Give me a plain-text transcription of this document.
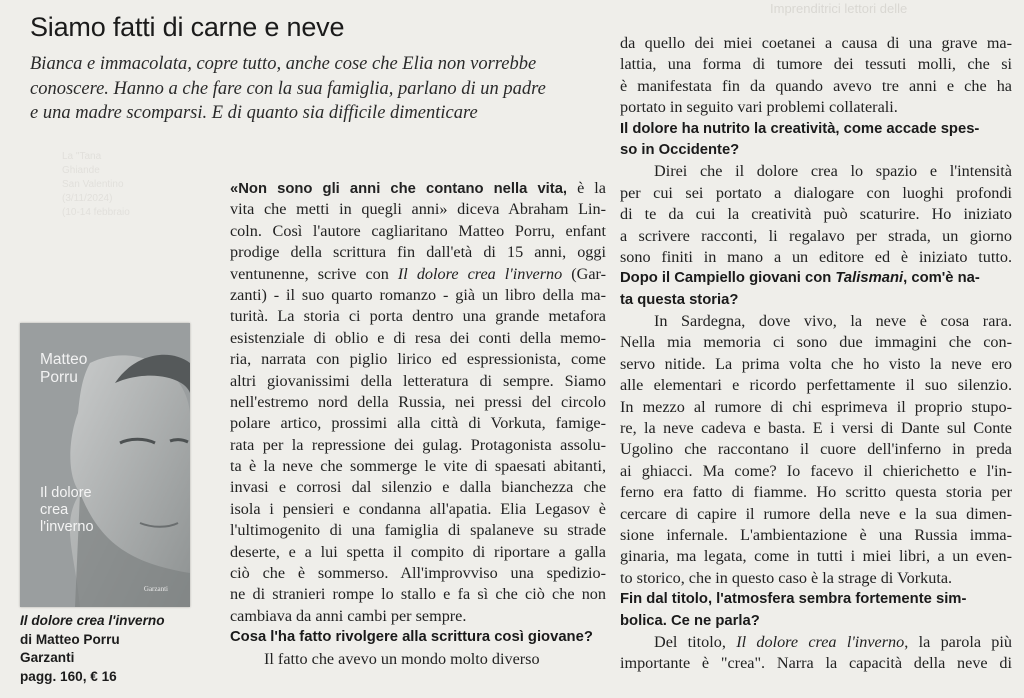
Imprenditrici lettori delle
La "Tana
Ghiande
San Valentino
(3/11/2024)
(10-14 febbraio
Siamo fatti di carne e neve
Bianca e immacolata, copre tutto, anche cose che Elia non vorrebbe
conoscere. Hanno a che fare con la sua famiglia, parlano di un padre
e una madre scomparsi. E di quanto sia difficile dimenticare
Matteo
Porru
Il dolore
crea
l'inverno
Garzanti
Il dolore crea l'inverno
di Matteo Porru
Garzanti
pagg. 160, € 16
«Non sono gli anni che contano nella vita, è la
vita che metti in quegli anni» diceva Abraham Lin-
coln. Così l'autore cagliaritano Matteo Porru, enfant
prodige della scrittura fin dall'età di 15 anni, oggi
ventunenne, scrive con Il dolore crea l'inverno (Gar-
zanti) - il suo quarto romanzo - già un libro della ma-
turità. La storia ci porta dentro una grande metafora
esistenziale di oblio e di resa dei conti della memo-
ria, narrata con piglio lirico ed espressionista, come
altri giovanissimi della letteratura di sempre. Siamo
nell'estremo nord della Russia, nei pressi del circolo
polare artico, prossimi alla città di Vorkuta, famige-
rata per la repressione dei gulag. Protagonista assolu-
ta è la neve che sommerge le vite di spaesati abitanti,
invasi e corrosi dal silenzio e dalla bianchezza che
isola i pensieri e condanna all'apatia. Elia Legasov è
l'ultimogenito di una famiglia di spalaneve su strade
deserte, e a lui spetta il compito di riportare a galla
ciò che è sommerso. All'improvviso una spedizio-
ne di stranieri rompe lo stallo e fa sì che ciò che non
cambiava da anni cambi per sempre.
Cosa l'ha fatto rivolgere alla scrittura così giovane?
Il fatto che avevo un mondo molto diverso
da quello dei miei coetanei a causa di una grave ma-
lattia, una forma di tumore dei tessuti molli, che si
è manifestata fin da quando avevo tre anni e che ha
portato in seguito vari problemi collaterali.
Il dolore ha nutrito la creatività, come accade spes-
so in Occidente?
Direi che il dolore crea lo spazio e l'intensità
per cui sei portato a dialogare con luoghi profondi
di te da cui la creatività può scaturire. Ho iniziato
a scrivere racconti, li regalavo per strada, un giorno
sono finiti in mano a un editore ed è iniziato tutto.
Dopo il Campiello giovani con Talismani, com'è na-
ta questa storia?
In Sardegna, dove vivo, la neve è cosa rara.
Nella mia memoria ci sono due immagini che con-
servo nitide. La prima volta che ho visto la neve ero
alle elementari e ricordo perfettamente il suo silenzio.
In mezzo al rumore di chi esprimeva il proprio stupo-
re, la neve cadeva e basta. E i versi di Dante sul Conte
Ugolino che raccontano il cuore dell'inferno in preda
ai ghiacci. Ma come? Io facevo il chierichetto e l'in-
ferno era fatto di fiamme. Ho scritto questa storia per
cercare di capire il rumore della neve e la sua dimen-
sione infernale. L'ambientazione è una Russia imma-
ginaria, ma legata, come in tutti i miei libri, a un even-
to storico, che in questo caso è la strage di Vorkuta.
Fin dal titolo, l'atmosfera sembra fortemente sim-
bolica. Ce ne parla?
Del titolo, Il dolore crea l'inverno, la parola più
importante è "crea". Narra la capacità della neve di
